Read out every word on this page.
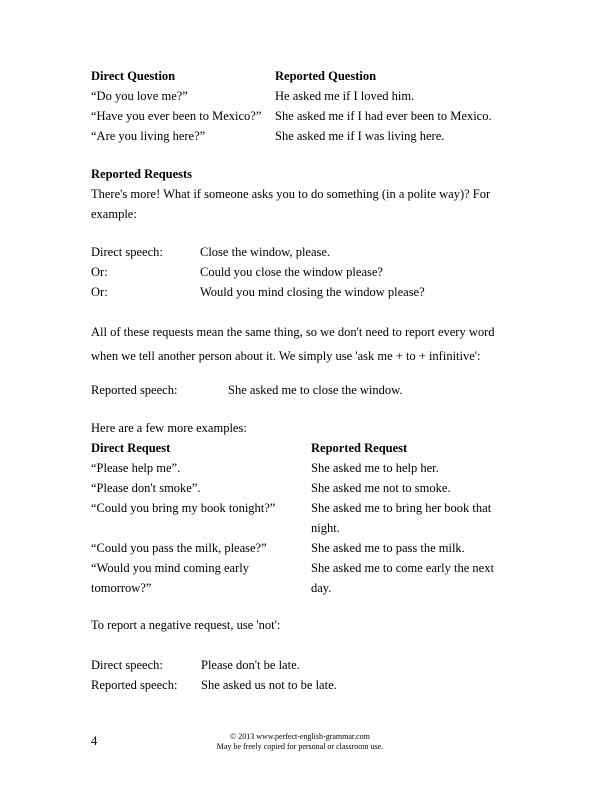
Direct Question	Reported Question
“Do you love me?”	He asked me if I loved him.
“Have you ever been to Mexico?” She asked me if I had ever been to Mexico.
“Are you living here?”	She asked me if I was living here.
Reported Requests
There's more! What if someone asks you to do something (in a polite way)? For
example:
Direct speech:	Close the window, please.
Or:	Could you close the window please?
Or:	Would you mind closing the window please?
All of these requests mean the same thing, so we don't need to report every word
when we tell another person about it. We simply use 'ask me + to + infinitive':
Reported speech:	She asked me to close the window.
Here are a few more examples:
Direct Request	Reported Request
“Please help me”.	She asked me to help her.
“Please don't smoke”.	She asked me not to smoke.
“Could you bring my book tonight?”	She asked me to bring her book that
night.
“Could you pass the milk, please?”	She asked me to pass the milk.
“Would you mind coming early	She asked me to come early the next
tomorrow?”	day.
To report a negative request, use 'not':
Direct speech:	Please don't be late.
Reported speech: She asked us not to be late.
4	© 2013 www.perfect-english-grammar.com
May be freely copied for personal or classroom use.
